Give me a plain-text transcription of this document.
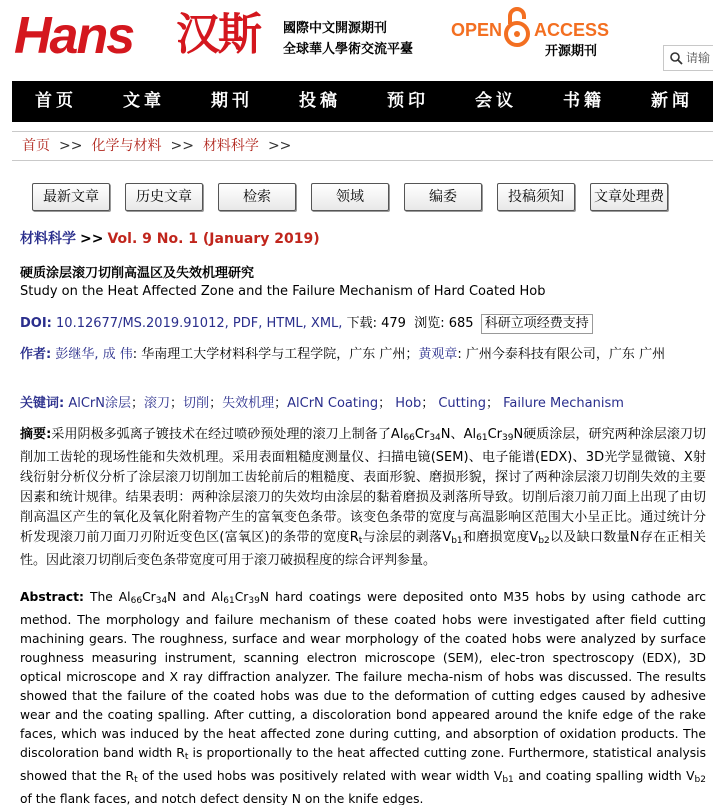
Hans 汉斯 國際中文開源期刊
全球華人學術交流平臺
OPEN ACCESS
开源期刊	请输
首页	文章	期刊	投稿	预印	会议	书籍	新闻
首页 >> 化学与材料 >> 材料科学 >>
最新文章	历史文章	检索	领域	编委	投稿须知	文章处理费
材料科学 >> Vol. 9 No. 1 (January 2019)
硬质涂层滚刀切削高温区及失效机理研究
Study on the Heat Affected Zone and the Failure Mechanism of Hard Coated Hob
DOI: 10.12677/MS.2019.91012, PDF, HTML, XML, 下载: 479 浏览: 685 科研立项经费支持
作者: 彭继华, 成 伟: 华南理工大学材料科学与工程学院，广东 广州；黄观章: 广州今泰科技有限公司，广东 广州
关键词: AlCrN涂层；滚刀；切削；失效机理；AlCrN Coating； Hob； Cutting； Failure Mechanism
摘要:采用阴极多弧离子镀技术在经过喷砂预处理的滚刀上制备了$Al_{66}Cr_{34}N$、$Al_{61}Cr_{39}N$硬质涂层，研究两种涂层滚刀切削加工齿轮的现场性能和失效机理。采用表面粗糙度测量仪、扫描电镜(SEM)、电子能谱(EDX)、3D光学显微镜、X射线衍射分析仪分析了涂层滚刀切削加工齿轮前后的粗糙度、表面形貌、磨损形貌，探讨了两种涂层滚刀切削失效的主要因素和统计规律。结果表明：两种涂层滚刀的失效均由涂层的黏着磨损及剥落所导致。切削后滚刀前刀面上出现了由切削高温区产生的氧化及氧化附着物产生的富氧变色条带。该变色条带的宽度与高温影响区范围大小呈正比。通过统计分析发现滚刀前刀面刀刃附近变色区(富氧区)的条带的宽度$R_t$与涂层的剥落$V_{b1}$和磨损宽度$V_{b2}$以及缺口数量N存在正相关性。因此滚刀切削后变色条带宽度可用于滚刀破损程度的综合评判参量。
Abstract: The $Al_{66}Cr_{34}N$ and $Al_{61}Cr_{39}N$ hard coatings were deposited onto M35 hobs by using cathode arc method. The morphology and failure mechanism of these coated hobs were investigated after field cutting machining gears. The roughness, surface and wear morphology of the coated hobs were analyzed by surface roughness measuring instrument, scanning electron microscope (SEM), elec-tron spectroscopy (EDX), 3D optical microscope and X ray diffraction analyzer. The failure mecha-nism of hobs was discussed. The results showed that the failure of the coated hobs was due to the deformation of cutting edges caused by adhesive wear and the coating spalling. After cutting, a discoloration bond appeared around the knife edge of the rake faces, which was induced by the heat affected zone during cutting, and absorption of oxidation products. The discoloration band width $R_t$ is proportionally to the heat affected cutting zone. Furthermore, statistical analysis showed that the $R_t$ of the used hobs was positively related with wear width $V_{b1}$ and coating spalling width $V_{b2}$ of the flank faces, and notch defect density N on the knife edges.
